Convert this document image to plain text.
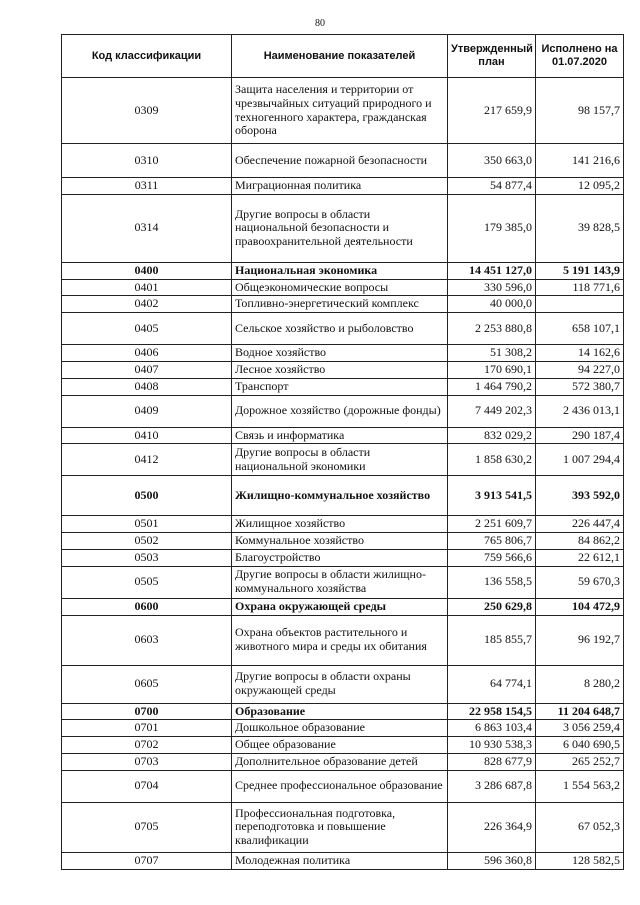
80
Код классификации	Наименование показателей	Утвержденный план	Исполнено на 01.07.2020
0309	Защита населения и территории от чрезвычайных ситуаций природного и техногенного характера, гражданская оборона	217 659,9	98 157,7
0310	Обеспечение пожарной безопасности	350 663,0	141 216,6
0311	Миграционная политика	54 877,4	12 095,2
0314	Другие вопросы в области национальной безопасности и правоохранительной деятельности	179 385,0	39 828,5
0400	Национальная экономика	14 451 127,0	5 191 143,9
0401	Общеэкономические вопросы	330 596,0	118 771,6
0402	Топливно-энергетический комплекс	40 000,0	
0405	Сельское хозяйство и рыболовство	2 253 880,8	658 107,1
0406	Водное хозяйство	51 308,2	14 162,6
0407	Лесное хозяйство	170 690,1	94 227,0
0408	Транспорт	1 464 790,2	572 380,7
0409	Дорожное хозяйство (дорожные фонды)	7 449 202,3	2 436 013,1
0410	Связь и информатика	832 029,2	290 187,4
0412	Другие вопросы в области национальной экономики	1 858 630,2	1 007 294,4
0500	Жилищно-коммунальное хозяйство	3 913 541,5	393 592,0
0501	Жилищное хозяйство	2 251 609,7	226 447,4
0502	Коммунальное хозяйство	765 806,7	84 862,2
0503	Благоустройство	759 566,6	22 612,1
0505	Другие вопросы в области жилищно-коммунального хозяйства	136 558,5	59 670,3
0600	Охрана окружающей среды	250 629,8	104 472,9
0603	Охрана объектов растительного и животного мира и среды их обитания	185 855,7	96 192,7
0605	Другие вопросы в области охраны окружающей среды	64 774,1	8 280,2
0700	Образование	22 958 154,5	11 204 648,7
0701	Дошкольное образование	6 863 103,4	3 056 259,4
0702	Общее образование	10 930 538,3	6 040 690,5
0703	Дополнительное образование детей	828 677,9	265 252,7
0704	Среднее профессиональное образование	3 286 687,8	1 554 563,2
0705	Профессиональная подготовка, переподготовка и повышение квалификации	226 364,9	67 052,3
0707	Молодежная политика	596 360,8	128 582,5
